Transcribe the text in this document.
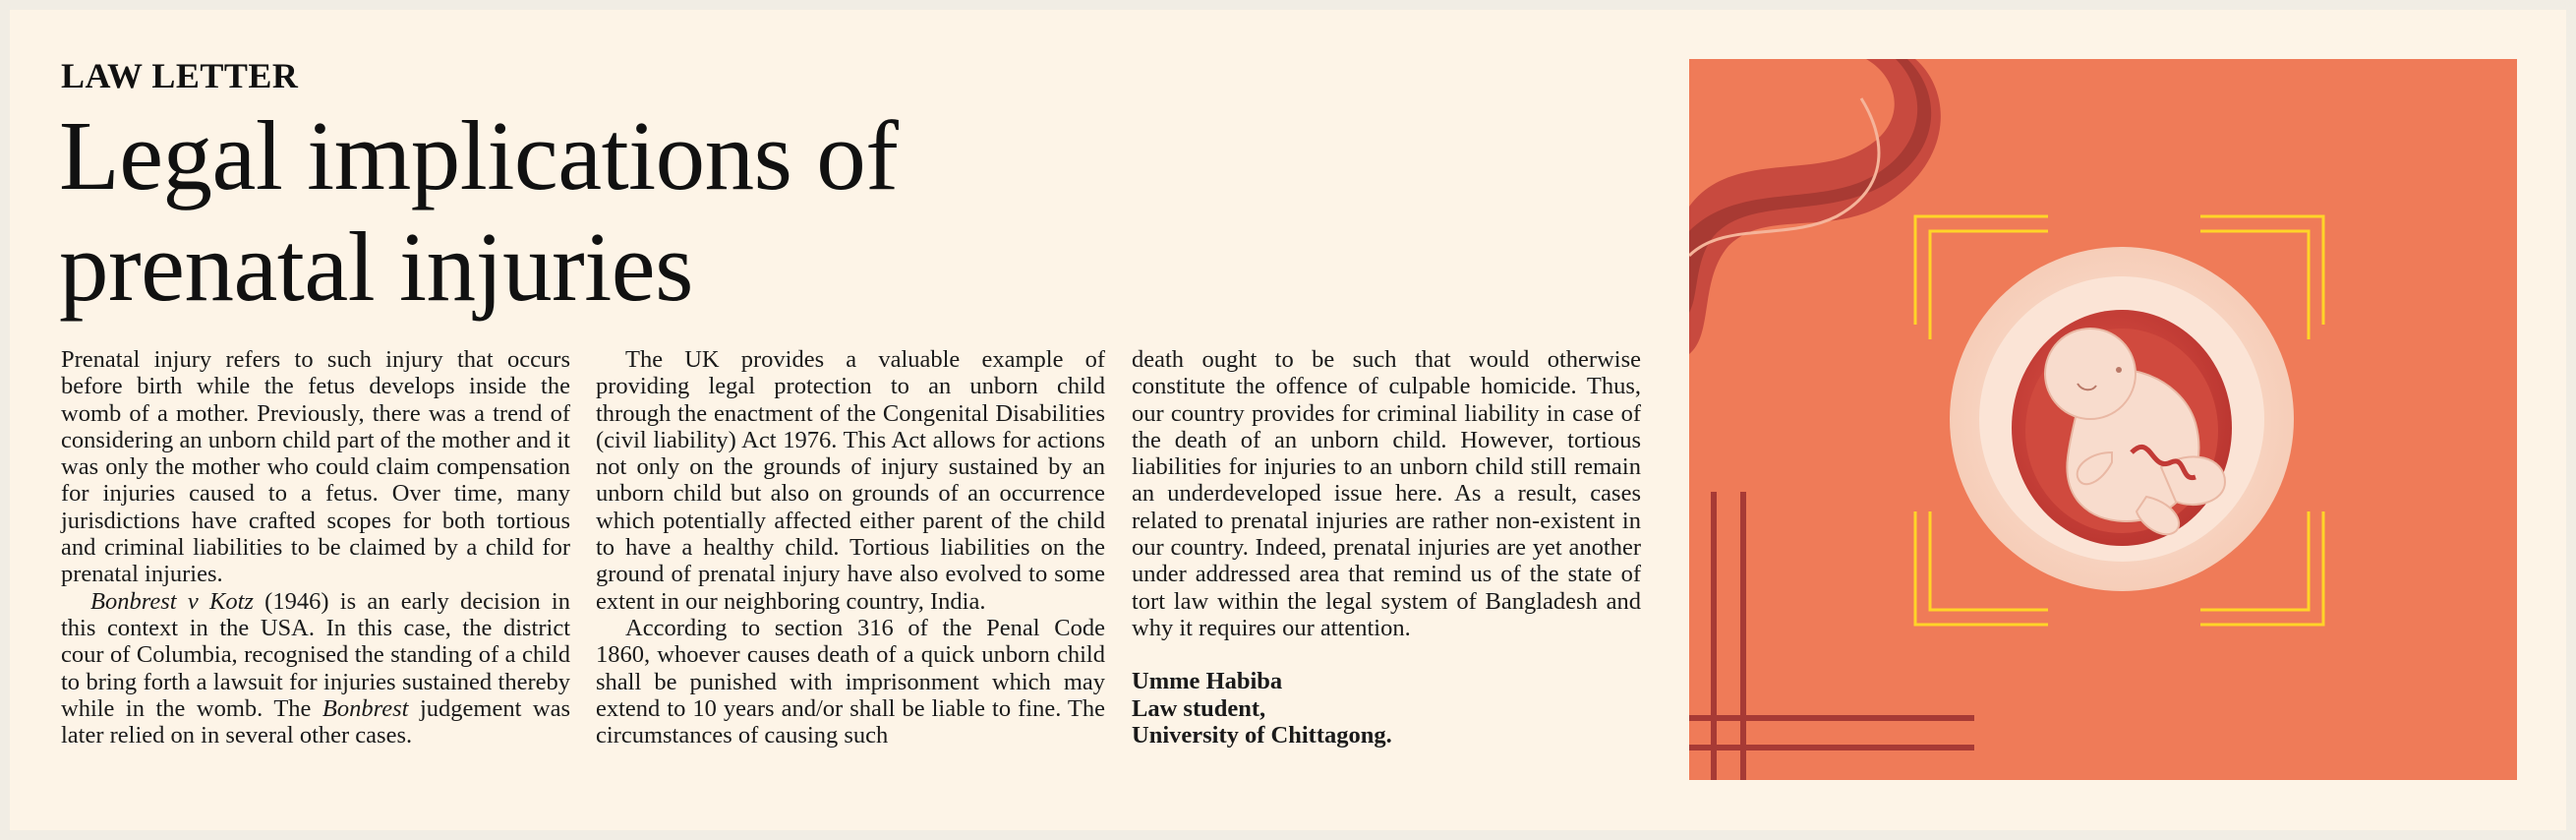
LAW LETTER
Legal implications of prenatal injuries

Prenatal injury refers to such injury that occurs before birth while the fetus develops inside the womb of a mother. Previously, there was a trend of considering an unborn child part of the mother and it was only the mother who could claim compensation for injuries caused to a fetus. Over time, many jurisdictions have crafted scopes for both tortious and criminal liabilities to be claimed by a child for prenatal injuries.

Bonbrest v Kotz (1946) is an early decision in this context in the USA. In this case, the district cour of Columbia, recognised the standing of a child to bring forth a lawsuit for injuries sustained thereby while in the womb. The Bonbrest judgement was later relied on in several other cases.

The UK provides a valuable example of providing legal protection to an unborn child through the enactment of the Congenital Disabilities (civil liability) Act 1976. This Act allows for actions not only on the grounds of injury sustained by an unborn child but also on grounds of an occurrence which potentially affected either parent of the child to have a healthy child. Tortious liabilities on the ground of prenatal injury have also evolved to some extent in our neighboring country, India.

According to section 316 of the Penal Code 1860, whoever causes death of a quick unborn child shall be punished with imprisonment which may extend to 10 years and/or shall be liable to fine. The circumstances of causing such

death ought to be such that would otherwise constitute the offence of culpable homicide. Thus, our country provides for criminal liability in case of the death of an unborn child. However, tortious liabilities for injuries to an unborn child still remain an underdeveloped issue here. As a result, cases related to prenatal injuries are rather non-existent in our country. Indeed, prenatal injuries are yet another under addressed area that remind us of the state of tort law within the legal system of Bangladesh and why it requires our attention.

Umme Habiba
Law student,
University of Chittagong.
